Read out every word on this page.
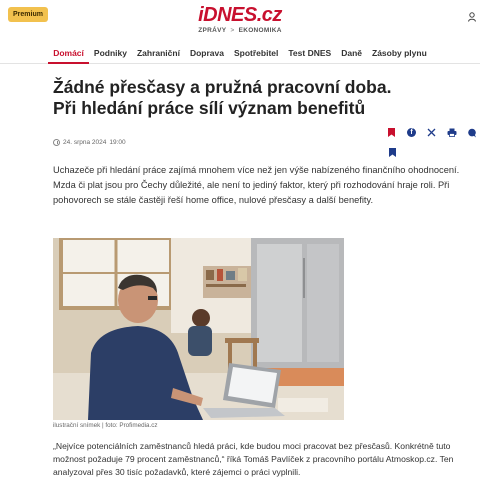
Premium	iDNES.cz
ZPRÁVY > EKONOMIKA
Domácí	Podniky	Zahraniční	Doprava	Spotřebitel	Test DNES	Daně	Zásoby plynu
Žádné přesčasy a pružná pracovní doba. Při hledání práce sílí význam benefitů
24. srpna 2024 19:00
f

Uchazeče při hledání práce zajímá mnohem více než jen výše nabízeného finančního ohodnocení. Mzda či plat jsou pro Čechy důležité, ale není to jediný faktor, který při rozhodování hraje roli. Při pohovorech se stále častěji řeší home office, nulové přesčasy a další benefity.

ilustrační snímek | foto: Profimedia.cz

„Nejvíce potenciálních zaměstnanců hledá práci, kde budou moci pracovat bez přesčasů. Konkrétně tuto možnost požaduje 79 procent zaměstnanců,“ říká Tomáš Pavlíček z pracovního portálu Atmoskop.cz. Ten analyzoval přes 30 tisíc požadavků, které zájemci o práci vyplnili.
